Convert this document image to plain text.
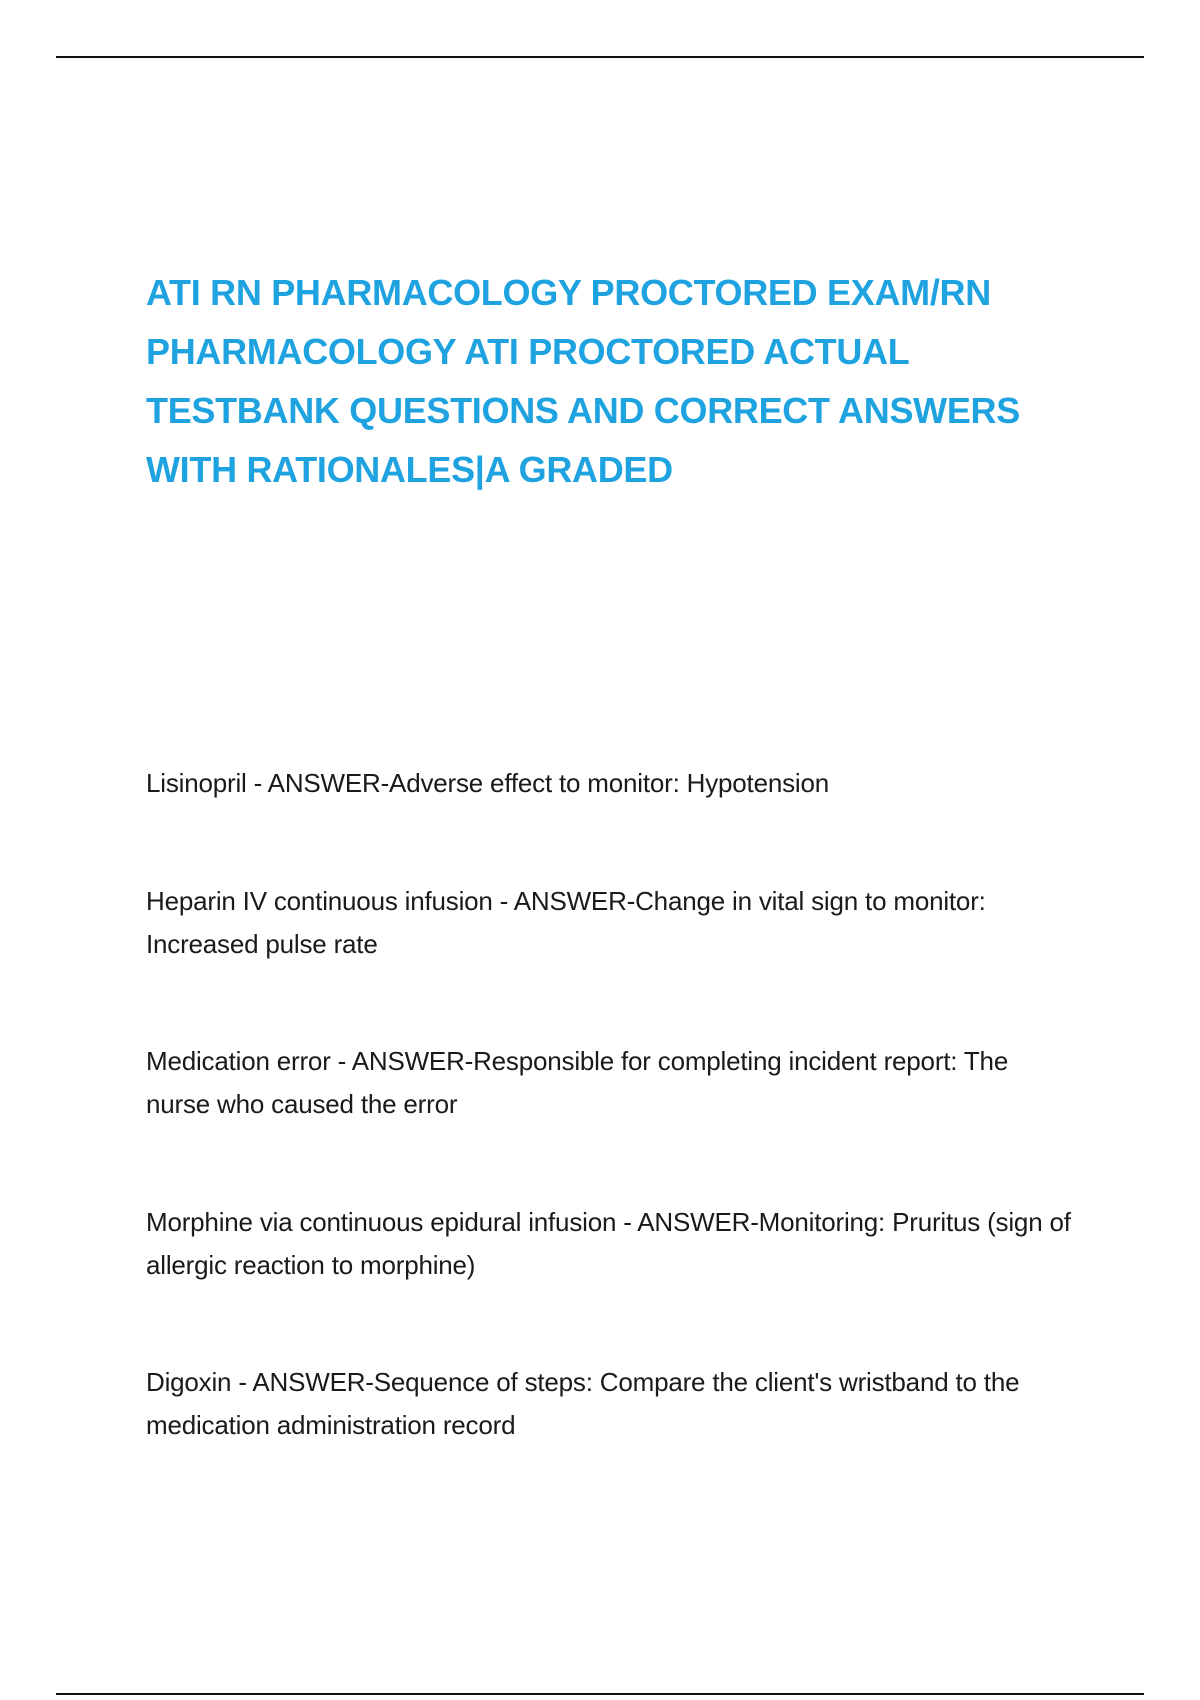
ATI RN PHARMACOLOGY PROCTORED EXAM/RN PHARMACOLOGY ATI PROCTORED ACTUAL TESTBANK QUESTIONS AND CORRECT ANSWERS WITH RATIONALES|A GRADED

Lisinopril - ANSWER-Adverse effect to monitor: Hypotension

Heparin IV continuous infusion - ANSWER-Change in vital sign to monitor: Increased pulse rate

Medication error - ANSWER-Responsible for completing incident report: The nurse who caused the error

Morphine via continuous epidural infusion - ANSWER-Monitoring: Pruritus (sign of allergic reaction to morphine)

Digoxin - ANSWER-Sequence of steps: Compare the client's wristband to the medication administration record
